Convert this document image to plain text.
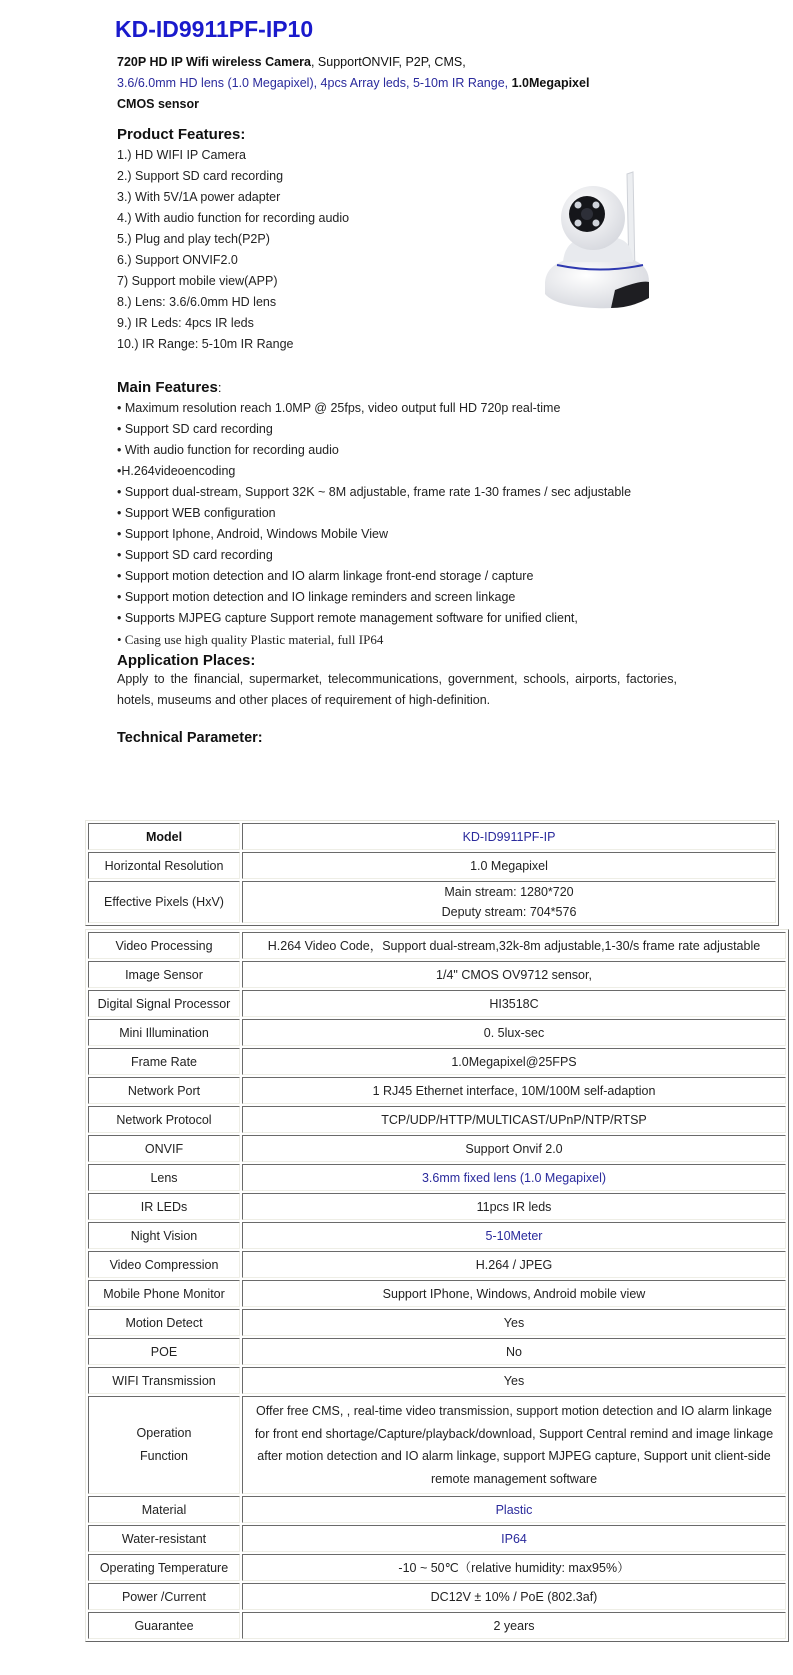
KD-ID9911PF-IP10
720P HD IP Wifi wireless Camera, SupportONVIF, P2P, CMS,
3.6/6.0mm HD lens (1.0 Megapixel), 4pcs Array leds, 5-10m IR Range, 1.0Megapixel
CMOS sensor
Product Features:
1.) HD WIFI IP Camera
2.) Support SD card recording
3.) With 5V/1A power adapter
4.) With audio function for recording audio
5.) Plug and play tech(P2P)
6.) Support ONVIF2.0
7) Support mobile view(APP)
8.) Lens: 3.6/6.0mm HD lens
9.) IR Leds: 4pcs IR leds
10.) IR Range: 5-10m IR Range
Main Features:
• Maximum resolution reach 1.0MP @ 25fps, video output full HD 720p real-time
• Support SD card recording
• With audio function for recording audio
•H.264videoencoding
• Support dual-stream, Support 32K ~ 8M adjustable, frame rate 1-30 frames / sec adjustable
• Support WEB configuration
• Support Iphone, Android, Windows Mobile View
• Support SD card recording
• Support motion detection and IO alarm linkage front-end storage / capture
• Support motion detection and IO linkage reminders and screen linkage
• Supports MJPEG capture Support remote management software for unified client,
• Casing use high quality Plastic material, full IP64
Application Places:
Apply to the financial, supermarket, telecommunications, government, schools, airports, factories, hotels, museums and other places of requirement of high-definition.
Technical Parameter:
Model	KD-ID9911PF-IP
Horizontal Resolution	1.0 Megapixel
Effective Pixels (HxV)	Main stream: 1280*720
Deputy stream: 704*576
Video Processing	H.264 Video Code，Support dual-stream,32k-8m adjustable,1-30/s frame rate adjustable
Image Sensor	1/4" CMOS OV9712 sensor,
Digital Signal Processor	HI3518C
Mini Illumination	0. 5lux-sec
Frame Rate	1.0Megapixel@25FPS
Network Port	1 RJ45 Ethernet interface, 10M/100M self-adaption
Network Protocol	TCP/UDP/HTTP/MULTICAST/UPnP/NTP/RTSP
ONVIF	Support Onvif 2.0
Lens	3.6mm fixed lens (1.0 Megapixel)
IR LEDs	11pcs IR leds
Night Vision	5-10Meter
Video Compression	H.264 / JPEG
Mobile Phone Monitor	Support IPhone, Windows, Android mobile view
Motion Detect	Yes
POE	No
WIFI Transmission	Yes

Operation
Function	Offer free CMS, , real-time video transmission, support motion detection and IO alarm linkage for front end shortage/Capture/playback/download, Support Central remind and image linkage after motion detection and IO alarm linkage, support MJPEG capture, Support unit client-side remote management software
Material	Plastic
Water-resistant	IP64
Operating Temperature	-10 ~ 50℃（relative humidity: max95%）
Power /Current	DC12V ± 10% / PoE (802.3af)
Guarantee	2 years
